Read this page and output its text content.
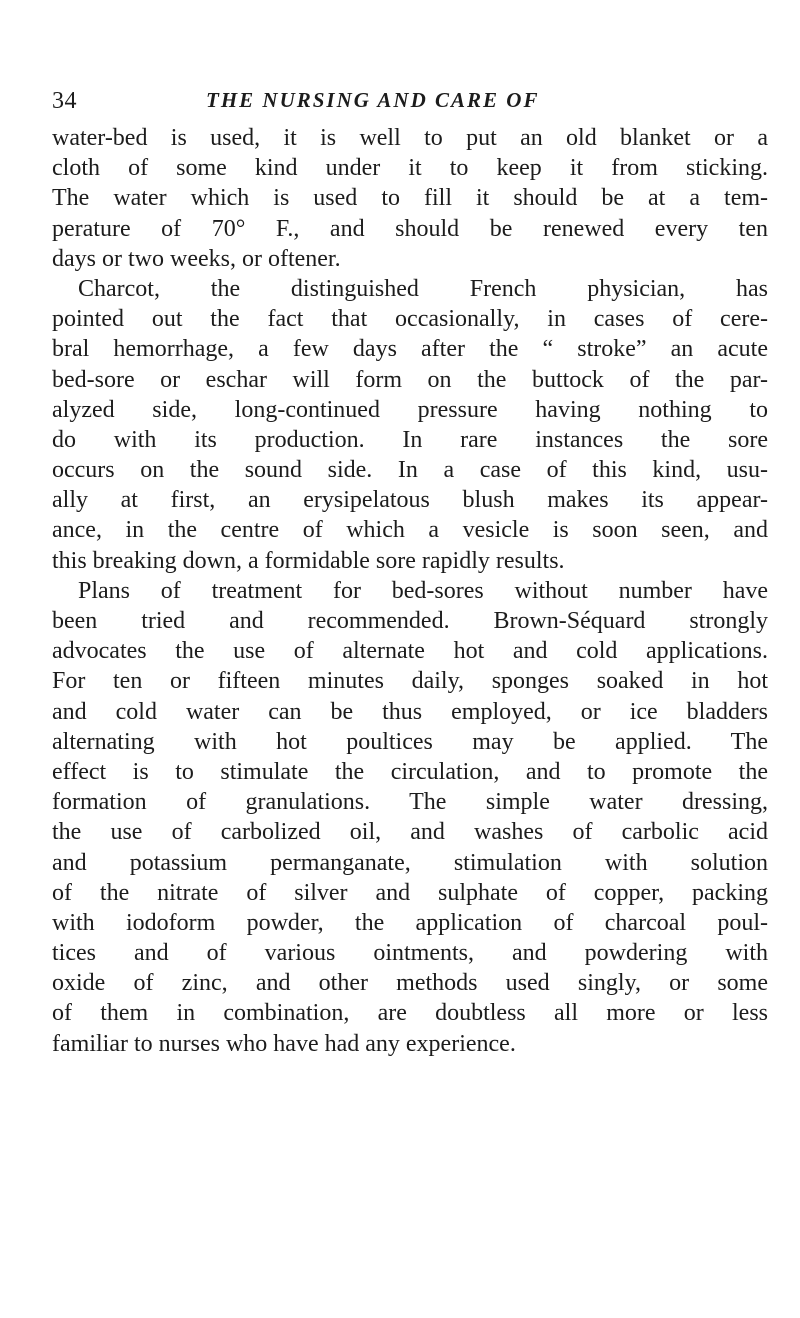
34	THE NURSING AND CARE OF
water-bed is used, it is well to put an old blanket or a
cloth of some kind under it to keep it from sticking.
The water which is used to fill it should be at a tem-
perature of 70° F., and should be renewed every ten
days or two weeks, or oftener.
Charcot, the distinguished French physician, has
pointed out the fact that occasionally, in cases of cere-
bral hemorrhage, a few days after the “ stroke” an acute
bed-sore or eschar will form on the buttock of the par-
alyzed side, long-continued pressure having nothing to
do with its production. In rare instances the sore
occurs on the sound side. In a case of this kind, usu-
ally at first, an erysipelatous blush makes its appear-
ance, in the centre of which a vesicle is soon seen, and
this breaking down, a formidable sore rapidly results.
Plans of treatment for bed-sores without number have
been tried and recommended. Brown-Séquard strongly
advocates the use of alternate hot and cold applications.
For ten or fifteen minutes daily, sponges soaked in hot
and cold water can be thus employed, or ice bladders
alternating with hot poultices may be applied. The
effect is to stimulate the circulation, and to promote the
formation of granulations. The simple water dressing,
the use of carbolized oil, and washes of carbolic acid
and potassium permanganate, stimulation with solution
of the nitrate of silver and sulphate of copper, packing
with iodoform powder, the application of charcoal poul-
tices and of various ointments, and powdering with
oxide of zinc, and other methods used singly, or some
of them in combination, are doubtless all more or less
familiar to nurses who have had any experience.
